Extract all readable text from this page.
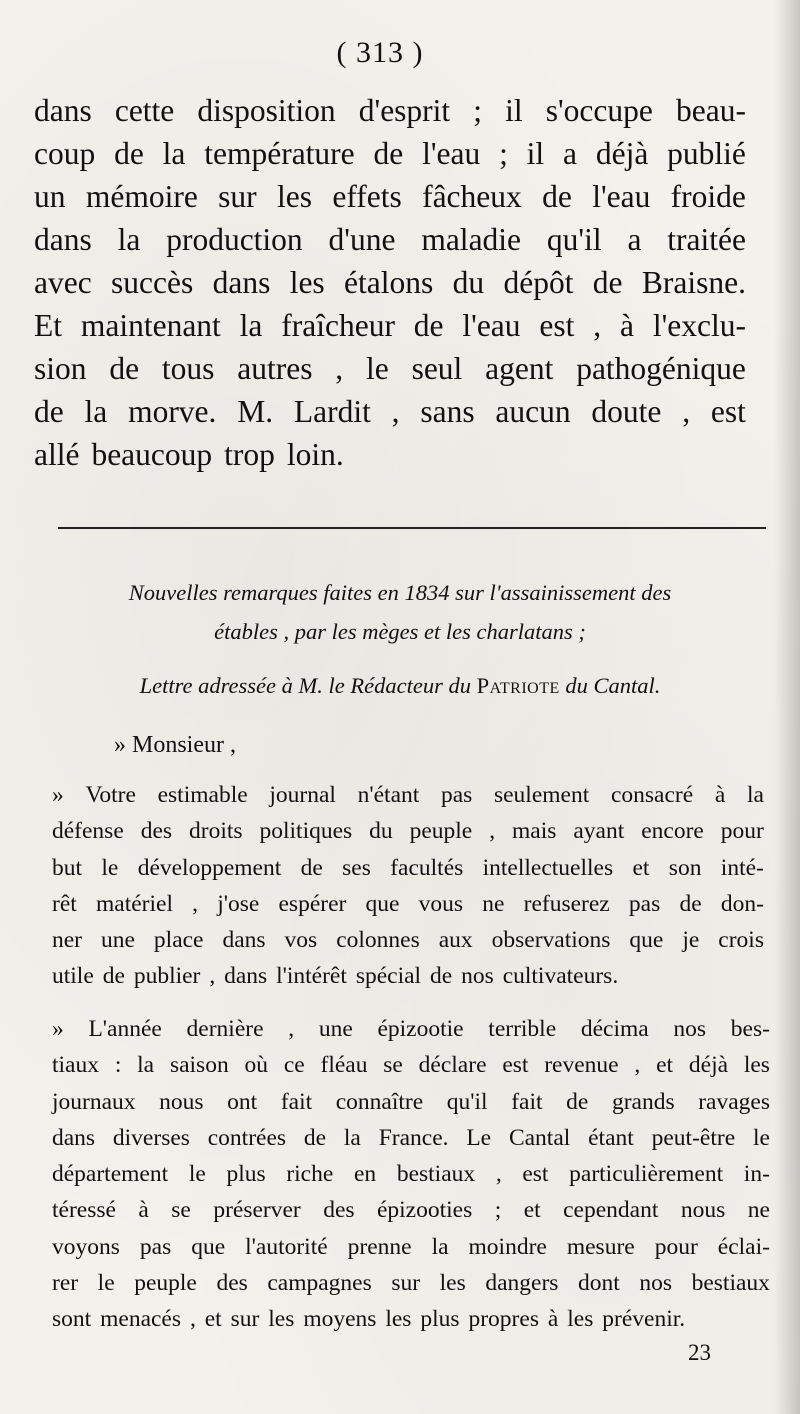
( 313 )
dans cette disposition d'esprit ; il s'occupe beau-
coup de la température de l'eau ; il a déjà publié
un mémoire sur les effets fâcheux de l'eau froide
dans la production d'une maladie qu'il a traitée
avec succès dans les étalons du dépôt de Braisne.
Et maintenant la fraîcheur de l'eau est , à l'exclu-
sion de tous autres , le seul agent pathogénique
de la morve. M. Lardit , sans aucun doute , est
allé beaucoup trop loin.
Nouvelles remarques faites en 1834 sur l'assainissement des
étables , par les mèges et les charlatans ;
Lettre adressée à M. le Rédacteur du Patriote du Cantal.
» Monsieur ,
» Votre estimable journal n'étant pas seulement consacré à la
défense des droits politiques du peuple , mais ayant encore pour
but le développement de ses facultés intellectuelles et son inté-
rêt matériel , j'ose espérer que vous ne refuserez pas de don-
ner une place dans vos colonnes aux observations que je crois
utile de publier , dans l'intérêt spécial de nos cultivateurs.
» L'année dernière , une épizootie terrible décima nos bes-
tiaux : la saison où ce fléau se déclare est revenue , et déjà les
journaux nous ont fait connaître qu'il fait de grands ravages
dans diverses contrées de la France. Le Cantal étant peut-être le
département le plus riche en bestiaux , est particulièrement in-
téressé à se préserver des épizooties ; et cependant nous ne
voyons pas que l'autorité prenne la moindre mesure pour éclai-
rer le peuple des campagnes sur les dangers dont nos bestiaux
sont menacés , et sur les moyens les plus propres à les prévenir.
23
